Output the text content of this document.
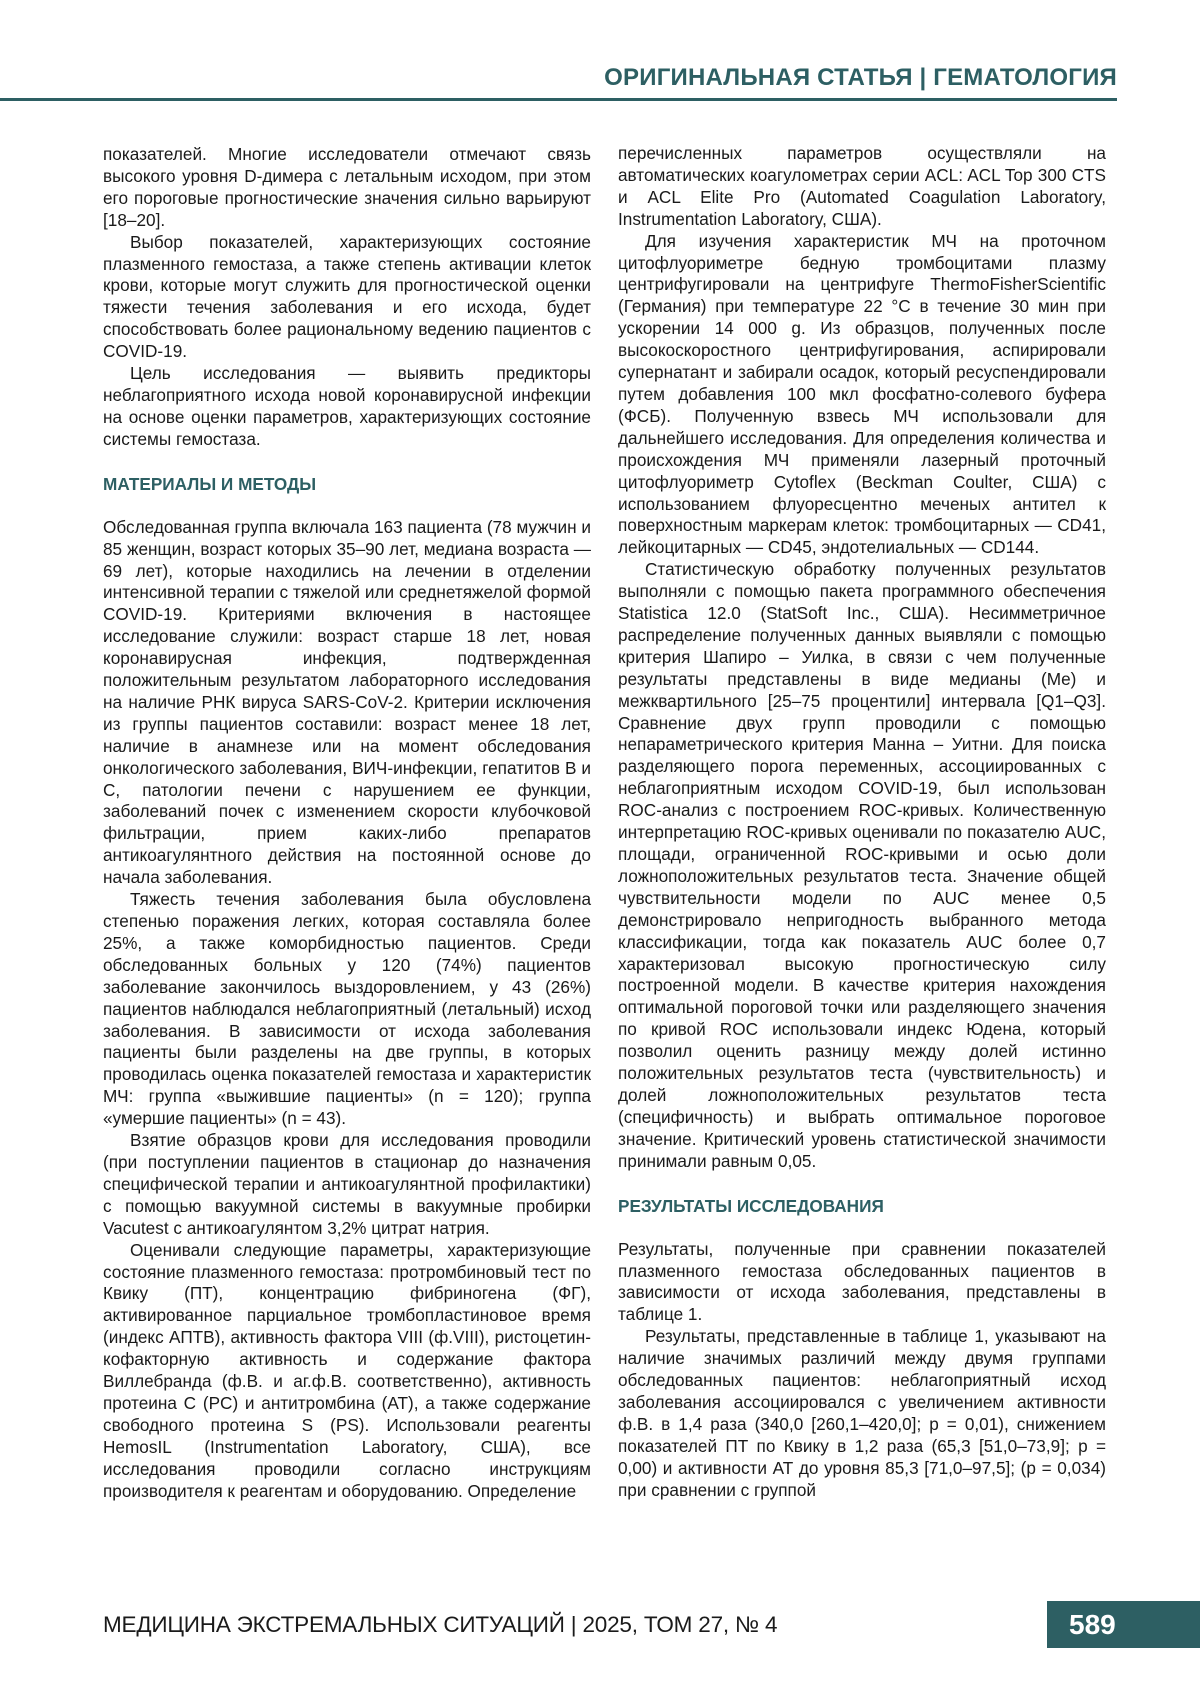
ОРИГИНАЛЬНАЯ СТАТЬЯ | ГЕМАТОЛОГИЯ

показателей. Многие исследователи отмечают связь высокого уровня D-димера с летальным исходом, при этом его пороговые прогностические значения сильно варьируют [18–20].

Выбор показателей, характеризующих состояние плазменного гемостаза, а также степень активации клеток крови, которые могут служить для прогностической оценки тяжести течения заболевания и его исхода, будет способствовать более рациональному ведению пациентов с COVID-19.

Цель исследования — выявить предикторы неблагоприятного исхода новой коронавирусной инфекции на основе оценки параметров, характеризующих состояние системы гемостаза.

МАТЕРИАЛЫ И МЕТОДЫ

Обследованная группа включала 163 пациента (78 мужчин и 85 женщин, возраст которых 35–90 лет, медиана возраста — 69 лет), которые находились на лечении в отделении интенсивной терапии с тяжелой или среднетяжелой формой COVID-19. Критериями включения в настоящее исследование служили: возраст старше 18 лет, новая коронавирусная инфекция, подтвержденная положительным результатом лабораторного исследования на наличие РНК вируса SARS-CoV-2. Критерии исключения из группы пациентов составили: возраст менее 18 лет, наличие в анамнезе или на момент обследования онкологического заболевания, ВИЧ-инфекции, гепатитов В и С, патологии печени с нарушением ее функции, заболеваний почек с изменением скорости клубочковой фильтрации, прием каких-либо препаратов антикоагулянтного действия на постоянной основе до начала заболевания.

Тяжесть течения заболевания была обусловлена степенью поражения легких, которая составляла более 25%, а также коморбидностью пациентов. Среди обследованных больных у 120 (74%) пациентов заболевание закончилось выздоровлением, у 43 (26%) пациентов наблюдался неблагоприятный (летальный) исход заболевания. В зависимости от исхода заболевания пациенты были разделены на две группы, в которых проводилась оценка показателей гемостаза и характеристик МЧ: группа «выжившие пациенты» (n = 120); группа «умершие пациенты» (n = 43).

Взятие образцов крови для исследования проводили (при поступлении пациентов в стационар до назначения специфической терапии и антикоагулянтной профилактики) с помощью вакуумной системы в вакуумные пробирки Vacutest с антикоагулянтом 3,2% цитрат натрия.

Оценивали следующие параметры, характеризующие состояние плазменного гемостаза: протромбиновый тест по Квику (ПТ), концентрацию фибриногена (ФГ), активированное парциальное тромбопластиновое время (индекс АПТВ), активность фактора VIII (ф.VIII), ристоцетин-кофакторную активность и содержание фактора Виллебранда (ф.В. и аг.ф.В. соответственно), активность протеина С (PC) и антитромбина (AT), а также содержание свободного протеина S (PS). Использовали реагенты HemosIL (Instrumentation Laboratory, США), все исследования проводили согласно инструкциям производителя к реагентам и оборудованию. Определение

перечисленных параметров осуществляли на автоматических коагулометрах серии ACL: ACL Top 300 CTS и ACL Elite Pro (Automated Coagulation Laboratory, Instrumentation Laboratory, США).

Для изучения характеристик МЧ на проточном цитофлуориметре бедную тромбоцитами плазму центрифугировали на центрифуге ThermoFisherScientific (Германия) при температуре 22 °C в течение 30 мин при ускорении 14 000 g. Из образцов, полученных после высокоскоростного центрифугирования, аспирировали супернатант и забирали осадок, который ресуспендировали путем добавления 100 мкл фосфатно-солевого буфера (ФСБ). Полученную взвесь МЧ использовали для дальнейшего исследования. Для определения количества и происхождения МЧ применяли лазерный проточный цитофлуориметр Cytoflex (Beckman Coulter, США) с использованием флуоресцентно меченых антител к поверхностным маркерам клеток: тромбоцитарных — CD41, лейкоцитарных — CD45, эндотелиальных — CD144.

Статистическую обработку полученных результатов выполняли с помощью пакета программного обеспечения Statistica 12.0 (StatSoft Inc., США). Несимметричное распределение полученных данных выявляли с помощью критерия Шапиро – Уилка, в связи с чем полученные результаты представлены в виде медианы (Me) и межквартильного [25–75 процентили] интервала [Q1–Q3]. Сравнение двух групп проводили с помощью непараметрического критерия Манна – Уитни. Для поиска разделяющего порога переменных, ассоциированных с неблагоприятным исходом COVID-19, был использован ROC-анализ с построением ROC-кривых. Количественную интерпретацию ROC-кривых оценивали по показателю AUC, площади, ограниченной ROC-кривыми и осью доли ложноположительных результатов теста. Значение общей чувствительности модели по AUC менее 0,5 демонстрировало непригодность выбранного метода классификации, тогда как показатель AUC более 0,7 характеризовал высокую прогностическую силу построенной модели. В качестве критерия нахождения оптимальной пороговой точки или разделяющего значения по кривой ROC использовали индекс Юдена, который позволил оценить разницу между долей истинно положительных результатов теста (чувствительность) и долей ложноположительных результатов теста (специфичность) и выбрать оптимальное пороговое значение. Критический уровень статистической значимости принимали равным 0,05.

РЕЗУЛЬТАТЫ ИССЛЕДОВАНИЯ

Результаты, полученные при сравнении показателей плазменного гемостаза обследованных пациентов в зависимости от исхода заболевания, представлены в таблице 1.

Результаты, представленные в таблице 1, указывают на наличие значимых различий между двумя группами обследованных пациентов: неблагоприятный исход заболевания ассоциировался с увеличением активности ф.В. в 1,4 раза (340,0 [260,1–420,0]; p = 0,01), снижением показателей ПТ по Квику в 1,2 раза (65,3 [51,0–73,9]; p = 0,00) и активности АТ до уровня 85,3 [71,0–97,5]; (p = 0,034) при сравнении с группой

МЕДИЦИНА ЭКСТРЕМАЛЬНЫХ СИТУАЦИЙ | 2025, ТОМ 27, № 4	589
